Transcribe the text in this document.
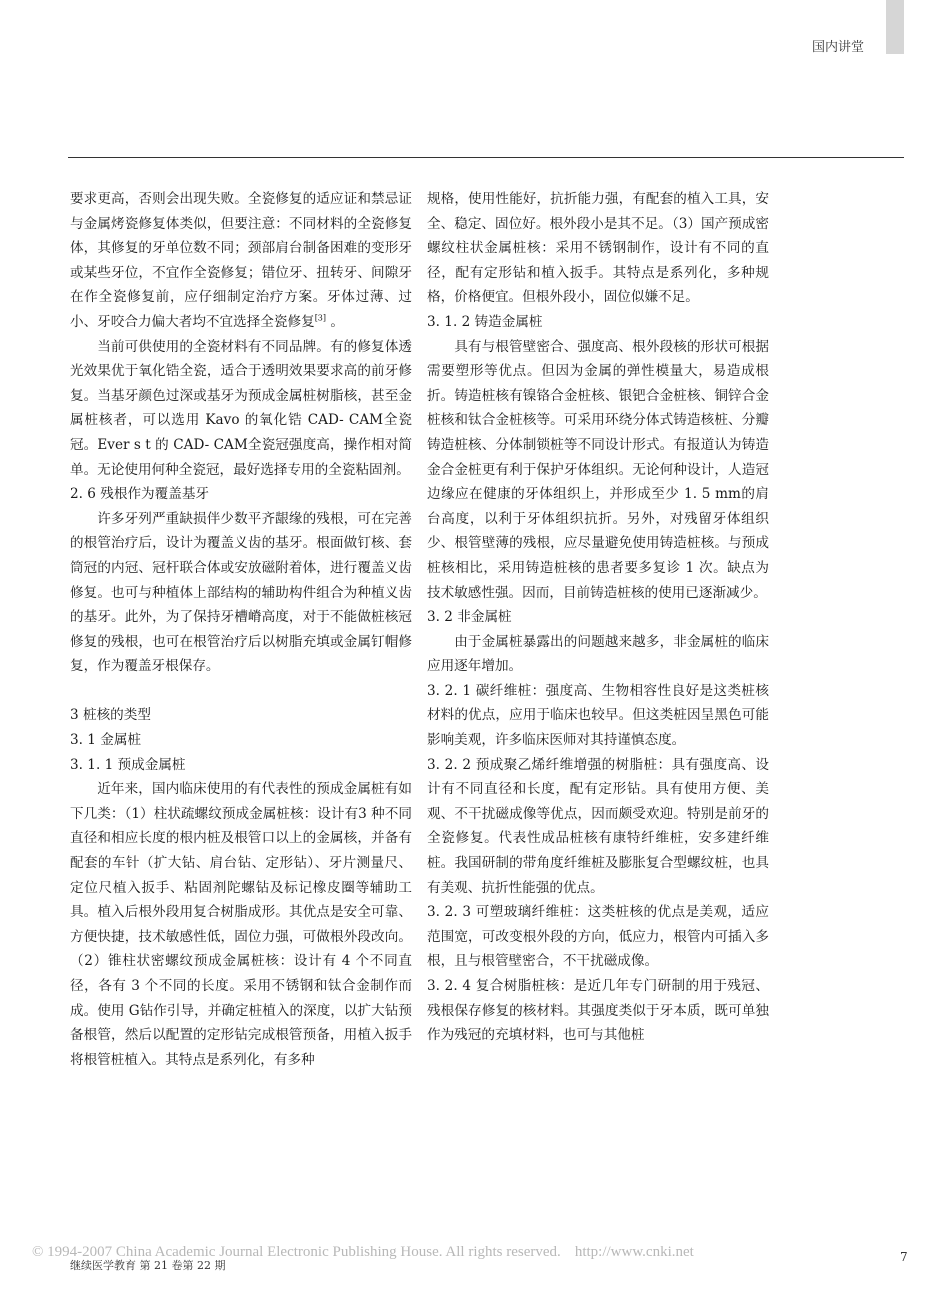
国内讲堂

要求更高，否则会出现失败。全瓷修复的适应证和禁忌证与金属烤瓷修复体类似，但要注意：不同材料的全瓷修复体，其修复的牙单位数不同；颈部肩台制备困难的变形牙或某些牙位，不宜作全瓷修复；错位牙、扭转牙、间隙牙在作全瓷修复前，应仔细制定治疗方案。牙体过薄、过小、牙咬合力偏大者均不宜选择全瓷修复[3] 。

当前可供使用的全瓷材料有不同品牌。有的修复体透光效果优于氧化锆全瓷，适合于透明效果要求高的前牙修复。当基牙颜色过深或基牙为预成金属桩树脂核，甚至金属桩核者，可以选用 Kavo 的氧化锆 CAD- CAM全瓷冠。Ever s t 的 CAD- CAM全瓷冠强度高，操作相对简单。无论使用何种全瓷冠，最好选择专用的全瓷粘固剂。

2. 6 残根作为覆盖基牙

许多牙列严重缺损伴少数平齐龈缘的残根，可在完善的根管治疗后，设计为覆盖义齿的基牙。根面做钉核、套筒冠的内冠、冠杆联合体或安放磁附着体，进行覆盖义齿修复。也可与种植体上部结构的辅助构件组合为种植义齿的基牙。此外，为了保持牙槽嵴高度，对于不能做桩核冠修复的残根，也可在根管治疗后以树脂充填或金属钉帽修复，作为覆盖牙根保存。

3 桩核的类型

3. 1 金属桩

3. 1. 1 预成金属桩

近年来，国内临床使用的有代表性的预成金属桩有如下几类：（1）柱状疏螺纹预成金属桩核：设计有3 种不同直径和相应长度的根内桩及根管口以上的金属核，并备有配套的车针（扩大钻、肩台钻、定形钻）、牙片测量尺、定位尺植入扳手、粘固剂陀螺钻及标记橡皮圈等辅助工具。植入后根外段用复合树脂成形。其优点是安全可靠、方便快捷，技术敏感性低，固位力强，可做根外段改向。（2）锥柱状密螺纹预成金属桩核：设计有 4 个不同直径，各有 3 个不同的长度。采用不锈钢和钛合金制作而成。使用 G钻作引导，并确定桩植入的深度，以扩大钻预备根管，然后以配置的定形钻完成根管预备，用植入扳手将根管桩植入。其特点是系列化，有多种

规格，使用性能好，抗折能力强，有配套的植入工具，安全、稳定、固位好。根外段小是其不足。（3）国产预成密螺纹柱状金属桩核：采用不锈钢制作，设计有不同的直径，配有定形钻和植入扳手。其特点是系列化，多种规格，价格便宜。但根外段小，固位似嫌不足。

3. 1. 2 铸造金属桩

具有与根管壁密合、强度高、根外段核的形状可根据需要塑形等优点。但因为金属的弹性模量大，易造成根折。铸造桩核有镍铬合金桩核、银钯合金桩核、铜锌合金桩核和钛合金桩核等。可采用环绕分体式铸造核桩、分瓣铸造桩核、分体制锁桩等不同设计形式。有报道认为铸造金合金桩更有利于保护牙体组织。无论何种设计，人造冠边缘应在健康的牙体组织上，并形成至少 1. 5 mm的肩台高度，以利于牙体组织抗折。另外，对残留牙体组织少、根管壁薄的残根，应尽量避免使用铸造桩核。与预成桩核相比，采用铸造桩核的患者要多复诊 1 次。缺点为技术敏感性强。因而，目前铸造桩核的使用已逐渐减少。

3. 2 非金属桩

由于金属桩暴露出的问题越来越多，非金属桩的临床应用逐年增加。

3. 2. 1 碳纤维桩：强度高、生物相容性良好是这类桩核材料的优点，应用于临床也较早。但这类桩因呈黑色可能影响美观，许多临床医师对其持谨慎态度。

3. 2. 2 预成聚乙烯纤维增强的树脂桩：具有强度高、设计有不同直径和长度，配有定形钻。具有使用方便、美观、不干扰磁成像等优点，因而颇受欢迎。特别是前牙的全瓷修复。代表性成品桩核有康特纤维桩，安多建纤维桩。我国研制的带角度纤维桩及膨胀复合型螺纹桩，也具有美观、抗折性能强的优点。

3. 2. 3 可塑玻璃纤维桩：这类桩核的优点是美观，适应范围宽，可改变根外段的方向，低应力，根管内可插入多根，且与根管壁密合，不干扰磁成像。

3. 2. 4 复合树脂桩核：是近几年专门研制的用于残冠、残根保存修复的核材料。其强度类似于牙本质，既可单独作为残冠的充填材料，也可与其他桩

© 1994-2007 China Academic Journal Electronic Publishing House. All rights reserved. http://www.cnki.net
继续医学教育 第 21 卷第 22 期
7
